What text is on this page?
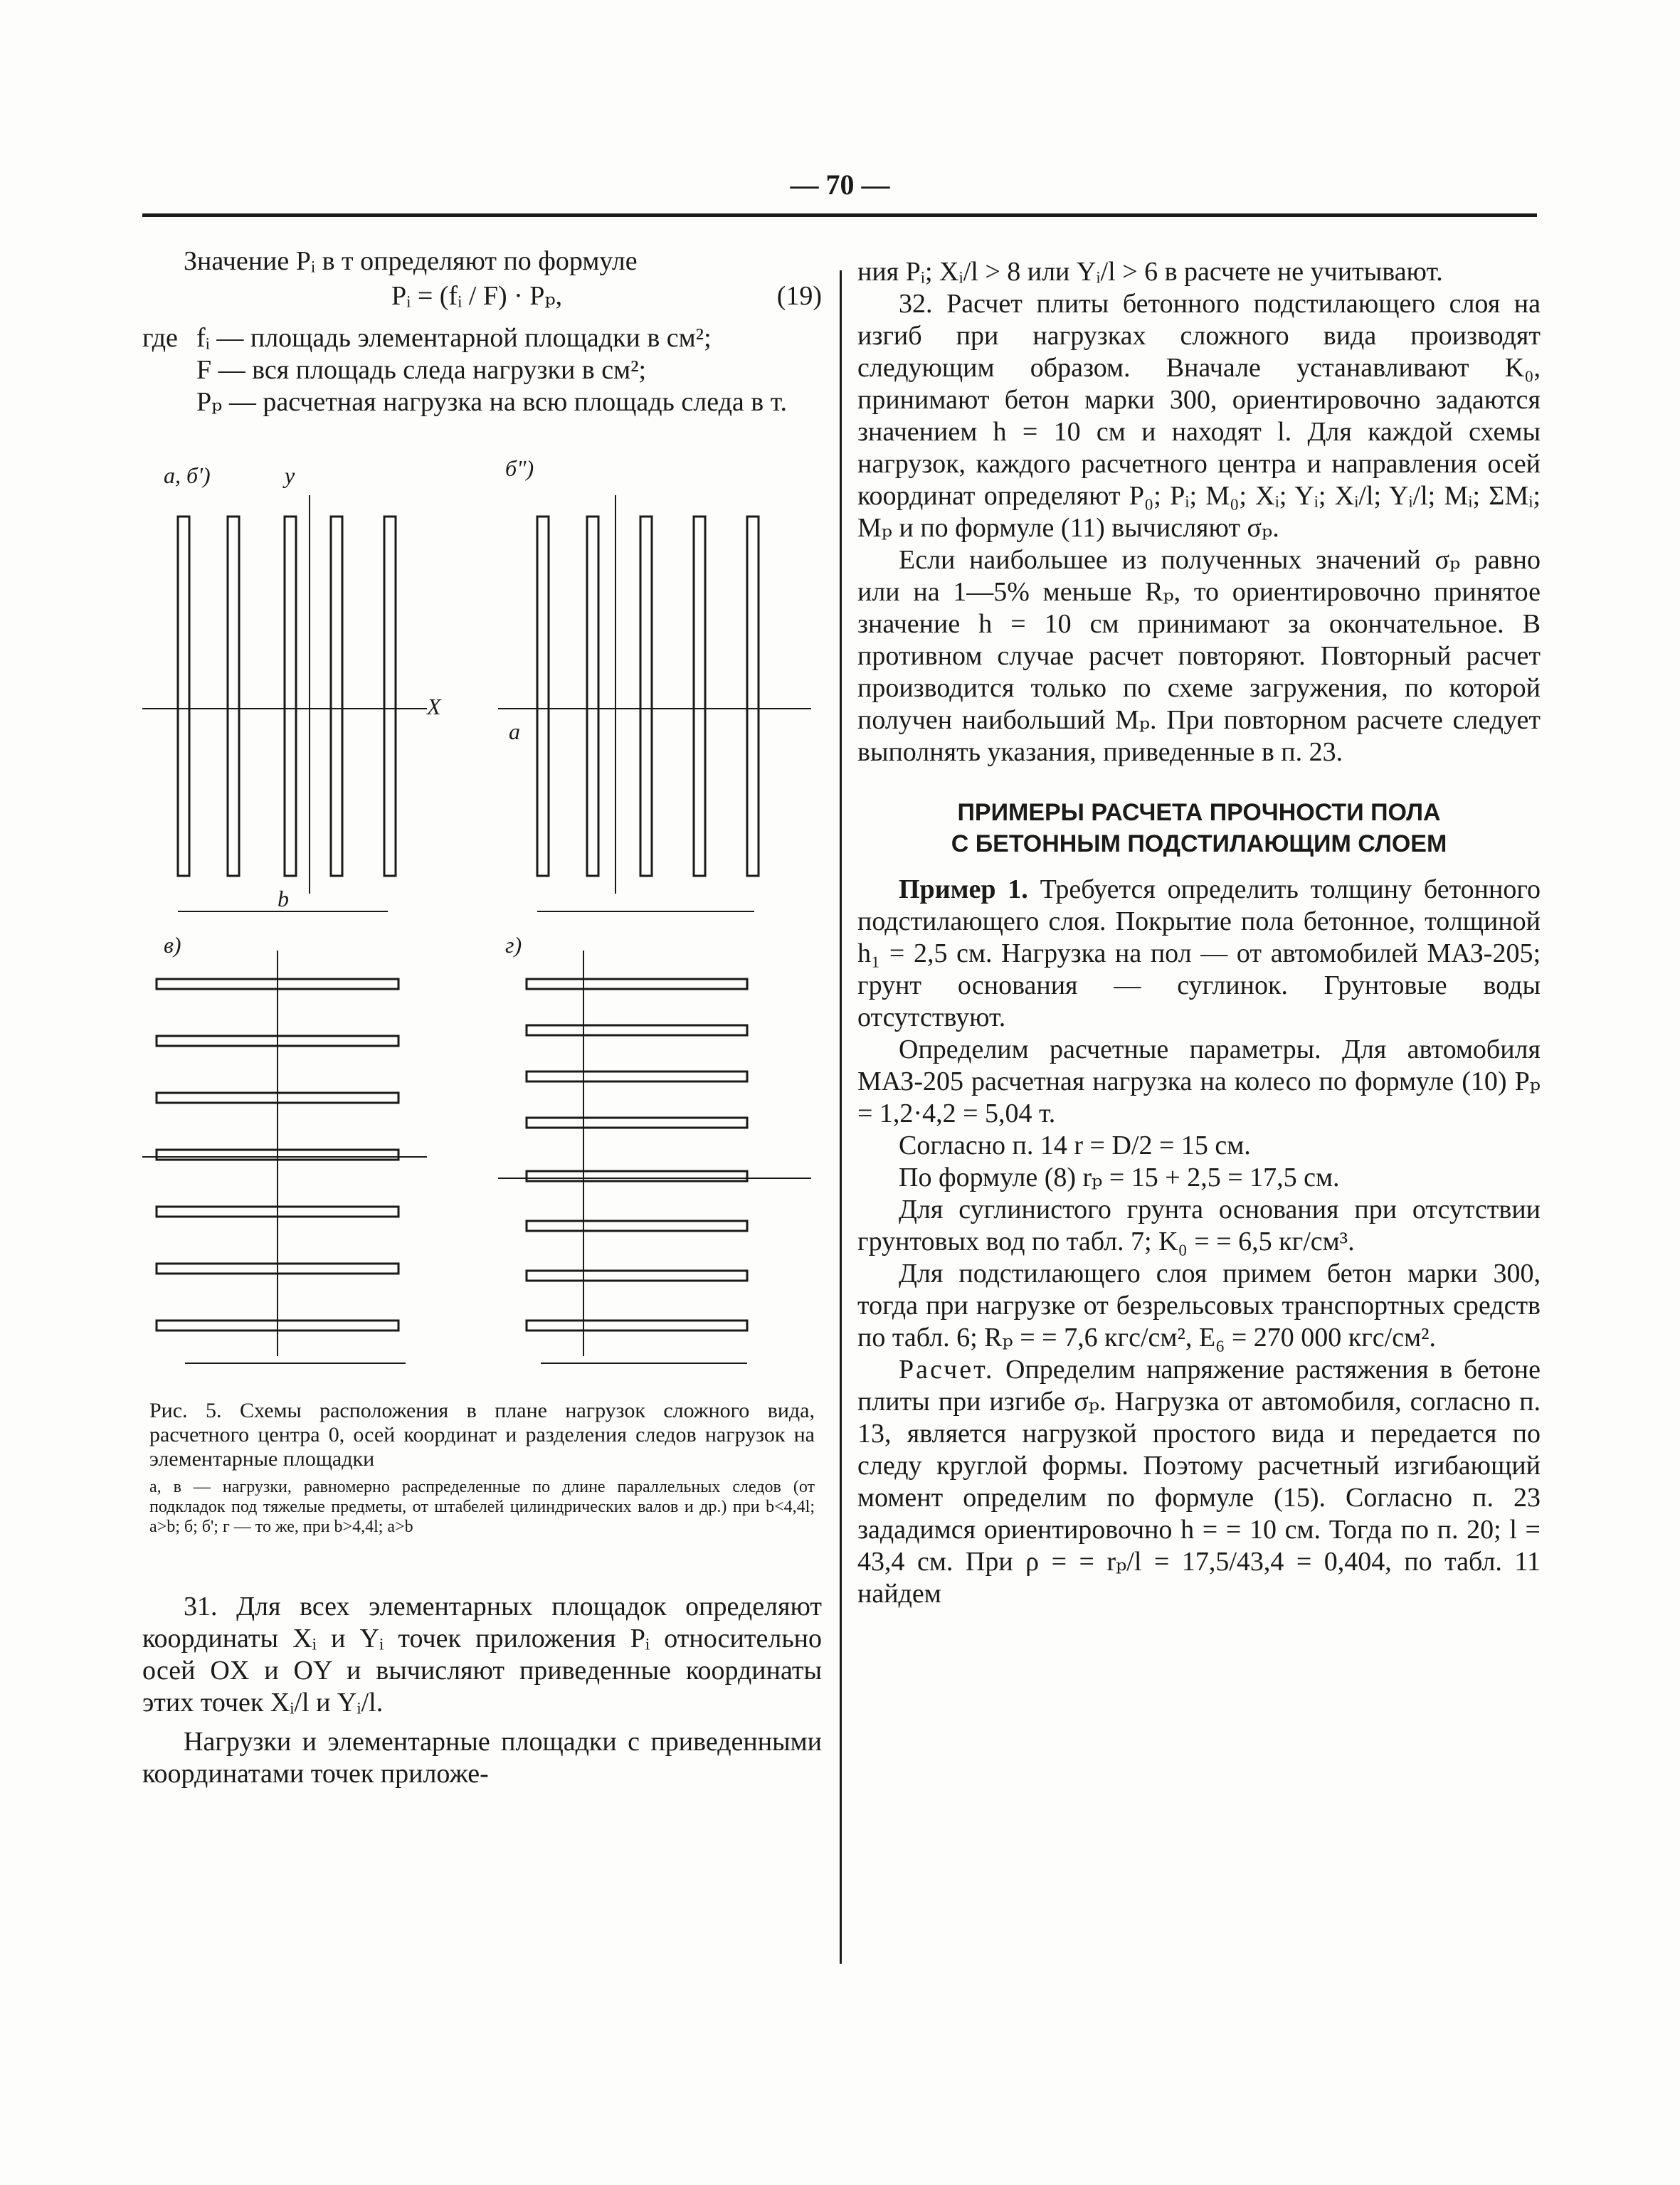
— 70 —

Значение Pᵢ в т определяют по формуле

Pᵢ = (fᵢ / F) · Pₚ,	(19)
где fᵢ — площадь элементарной площадки в см²;

F — вся площадь следа нагрузки в см²;

Pₚ — расчетная нагрузка на всю площадь следа в т.

а, б')	б")
в)	г)
y
X
b
a
Рис. 5. Схемы расположения в плане нагрузок сложного вида, расчетного центра 0, осей координат и разделения следов нагрузок на элементарные площадки
а, в — нагрузки, равномерно распределенные по длине параллельных следов (от подкладок под тяжелые предметы, от штабелей цилиндрических валов и др.) при b<4,4l; a>b; б; б'; г — то же, при b>4,4l; a>b

31. Для всех элементарных площадок определяют координаты Xᵢ и Yᵢ точек приложения Pᵢ относительно осей OX и OY и вычисляют приведенные координаты этих точек Xᵢ/l и Yᵢ/l.

Нагрузки и элементарные площадки с приведенными координатами точек приложе-

ния Pᵢ; Xᵢ/l > 8 или Yᵢ/l > 6 в расчете не учитывают.

32. Расчет плиты бетонного подстилающего слоя на изгиб при нагрузках сложного вида производят следующим образом. Вначале устанавливают K₀, принимают бетон марки 300, ориентировочно задаются значением h = 10 см и находят l. Для каждой схемы нагрузок, каждого расчетного центра и направления осей координат определяют P₀; Pᵢ; M₀; Xᵢ; Yᵢ; Xᵢ/l; Yᵢ/l; Mᵢ; ΣMᵢ; Mₚ и по формуле (11) вычисляют σₚ.

Если наибольшее из полученных значений σₚ равно или на 1—5% меньше Rₚ, то ориентировочно принятое значение h = 10 см принимают за окончательное. В противном случае расчет повторяют. Повторный расчет производится только по схеме загружения, по которой получен наибольший Mₚ. При повторном расчете следует выполнять указания, приведенные в п. 23.

ПРИМЕРЫ РАСЧЕТА ПРОЧНОСТИ ПОЛА
С БЕТОННЫМ ПОДСТИЛАЮЩИМ СЛОЕМ

Пример 1. Требуется определить толщину бетонного подстилающего слоя. Покрытие пола бетонное, толщиной h₁ = 2,5 см. Нагрузка на пол — от автомобилей МАЗ-205; грунт основания — суглинок. Грунтовые воды отсутствуют.

Определим расчетные параметры. Для автомобиля МАЗ-205 расчетная нагрузка на колесо по формуле (10) Pₚ = 1,2·4,2 = 5,04 т.

Согласно п. 14 r = D/2 = 15 см.

По формуле (8) rₚ = 15 + 2,5 = 17,5 см.

Для суглинистого грунта основания при отсутствии грунтовых вод по табл. 7; K₀ = = 6,5 кг/см³.

Для подстилающего слоя примем бетон марки 300, тогда при нагрузке от безрельсовых транспортных средств по табл. 6; Rₚ = = 7,6 кгс/см², E₆ = 270 000 кгс/см².

Расчет. Определим напряжение растяжения в бетоне плиты при изгибе σₚ. Нагрузка от автомобиля, согласно п. 13, является нагрузкой простого вида и передается по следу круглой формы. Поэтому расчетный изгибающий момент определим по формуле (15). Согласно п. 23 зададимся ориентировочно h = = 10 см. Тогда по п. 20; l = 43,4 см. При ρ = = rₚ/l = 17,5/43,4 = 0,404, по табл. 11 найдем
